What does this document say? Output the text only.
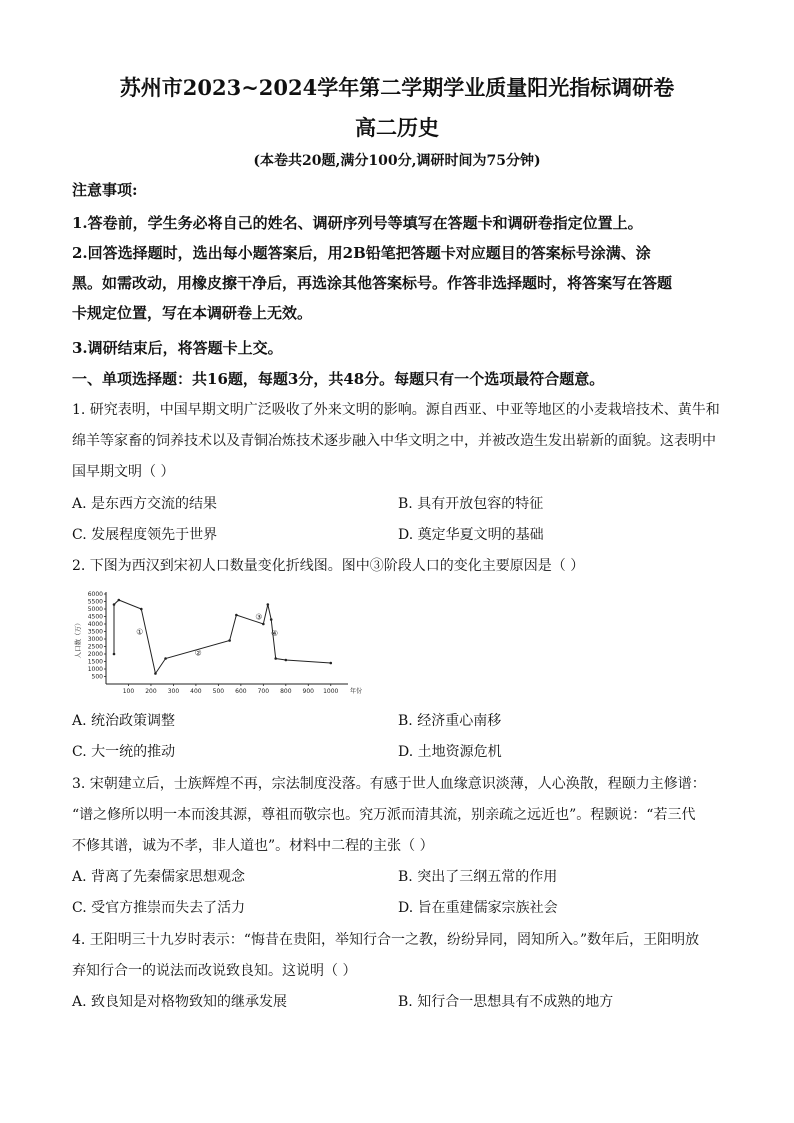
苏州市2023~2024学年第二学期学业质量阳光指标调研卷
高二历史
(本卷共20题,满分100分,调研时间为75分钟)
注意事项:
1.答卷前，学生务必将自己的姓名、调研序列号等填写在答题卡和调研卷指定位置上。
2.回答选择题时，选出每小题答案后，用2B铅笔把答题卡对应题目的答案标号涂满、涂
黑。如需改动，用橡皮擦干净后，再选涂其他答案标号。作答非选择题时，将答案写在答题
卡规定位置，写在本调研卷上无效。
3.调研结束后，将答题卡上交。
一、单项选择题：共16题，每题3分，共48分。每题只有一个选项最符合题意。
1. 研究表明，中国早期文明广泛吸收了外来文明的影响。源自西亚、中亚等地区的小麦栽培技术、黄牛和
绵羊等家畜的饲养技术以及青铜冶炼技术逐步融入中华文明之中，并被改造生发出崭新的面貌。这表明中
国早期文明（ ）
A. 是东西方交流的结果	B. 具有开放包容的特征
C. 发展程度领先于世界	D. 奠定华夏文明的基础
2. 下图为西汉到宋初人口数量变化折线图。图中③阶段人口的变化主要原因是（ ）
500
1000
1500
2000
2500
3000
3500
4000
4500
5000
5500
6000
100 200 300 400 500 600 700 800 900 1000
人口数（万）
年份
①
②
③
④
A. 统治政策调整	B. 经济重心南移
C. 大一统的推动	D. 土地资源危机
3. 宋朝建立后，士族辉煌不再，宗法制度没落。有感于世人血缘意识淡薄，人心涣散，程颐力主修谱：
“谱之修所以明一本而浚其源，尊祖而敬宗也。究万派而清其流，别亲疏之远近也”。程颢说：“若三代
不修其谱，诚为不孝，非人道也”。材料中二程的主张（ ）
A. 背离了先秦儒家思想观念	B. 突出了三纲五常的作用
C. 受官方推崇而失去了活力	D. 旨在重建儒家宗族社会
4. 王阳明三十九岁时表示：“悔昔在贵阳，举知行合一之教，纷纷异同，罔知所入。”数年后，王阳明放
弃知行合一的说法而改说致良知。这说明（ ）
A. 致良知是对格物致知的继承发展	B. 知行合一思想具有不成熟的地方
